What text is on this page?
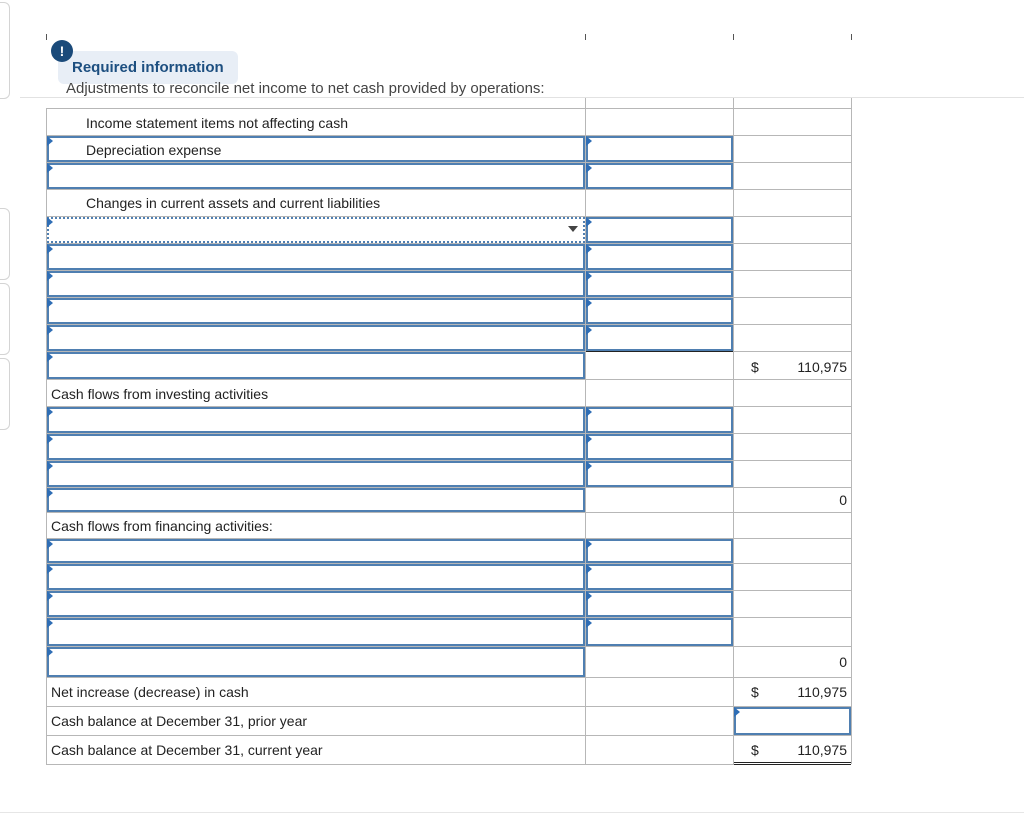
Required information
!
Adjustments to reconcile net income to net cash provided by operations:
Income statement items not affecting cash
Depreciation expense
Changes in current assets and current liabilities
$	110,975
Cash flows from investing activities
0
Cash flows from financing activities:
0
Net increase (decrease) in cash	$	110,975
Cash balance at December 31, prior year
Cash balance at December 31, current year	$	110,975
